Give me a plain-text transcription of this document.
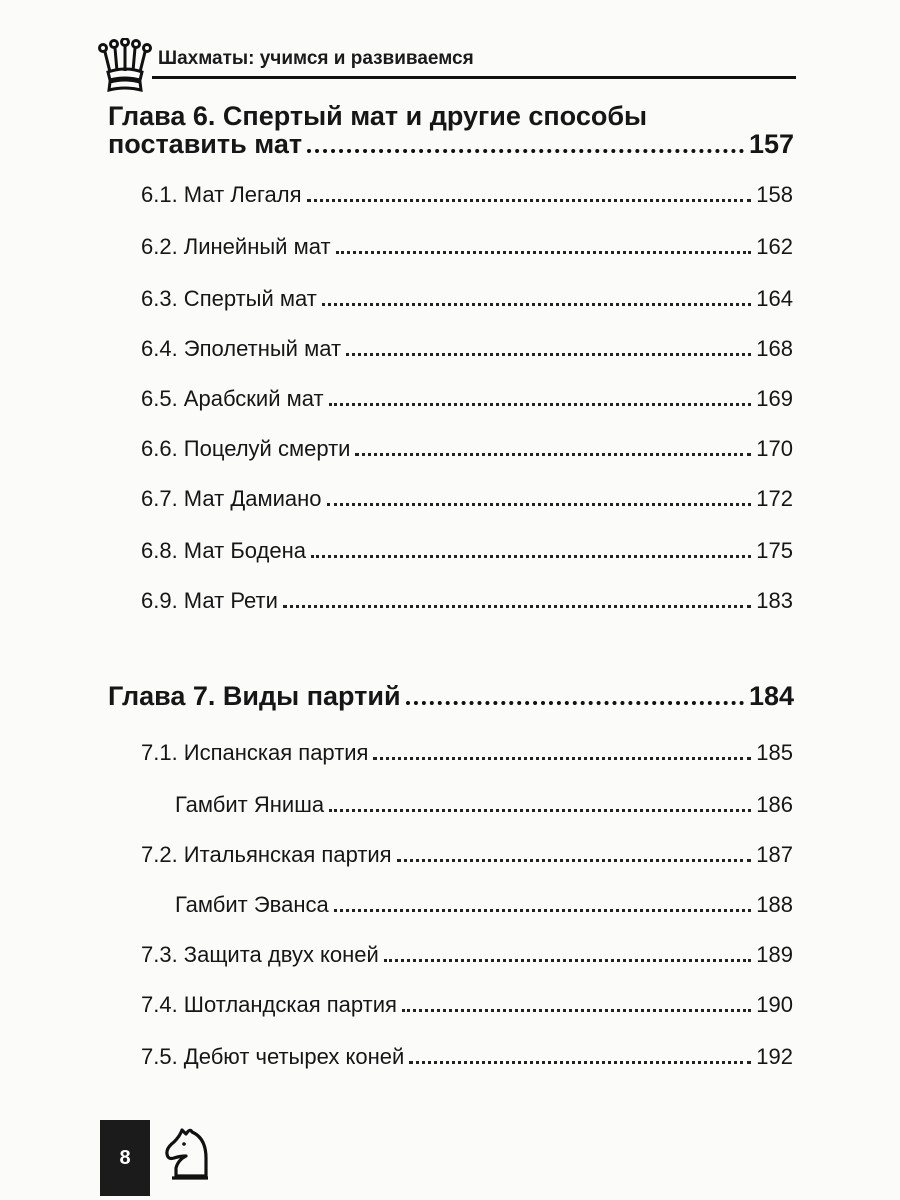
Шахматы: учимся и развиваемся
Глава 6. Спертый мат и другие способы
поставить мат	157
6.1. Мат Легаля	158
6.2. Линейный мат	162
6.3. Спертый мат	164
6.4. Эполетный мат	168
6.5. Арабский мат	169
6.6. Поцелуй смерти	170
6.7. Мат Дамиано	172
6.8. Мат Бодена	175
6.9. Мат Рети	183
Глава 7. Виды партий	184
7.1. Испанская партия	185
Гамбит Яниша	186
7.2. Итальянская партия	187
Гамбит Эванса	188
7.3. Защита двух коней	189
7.4. Шотландская партия	190
7.5. Дебют четырех коней	192
8
